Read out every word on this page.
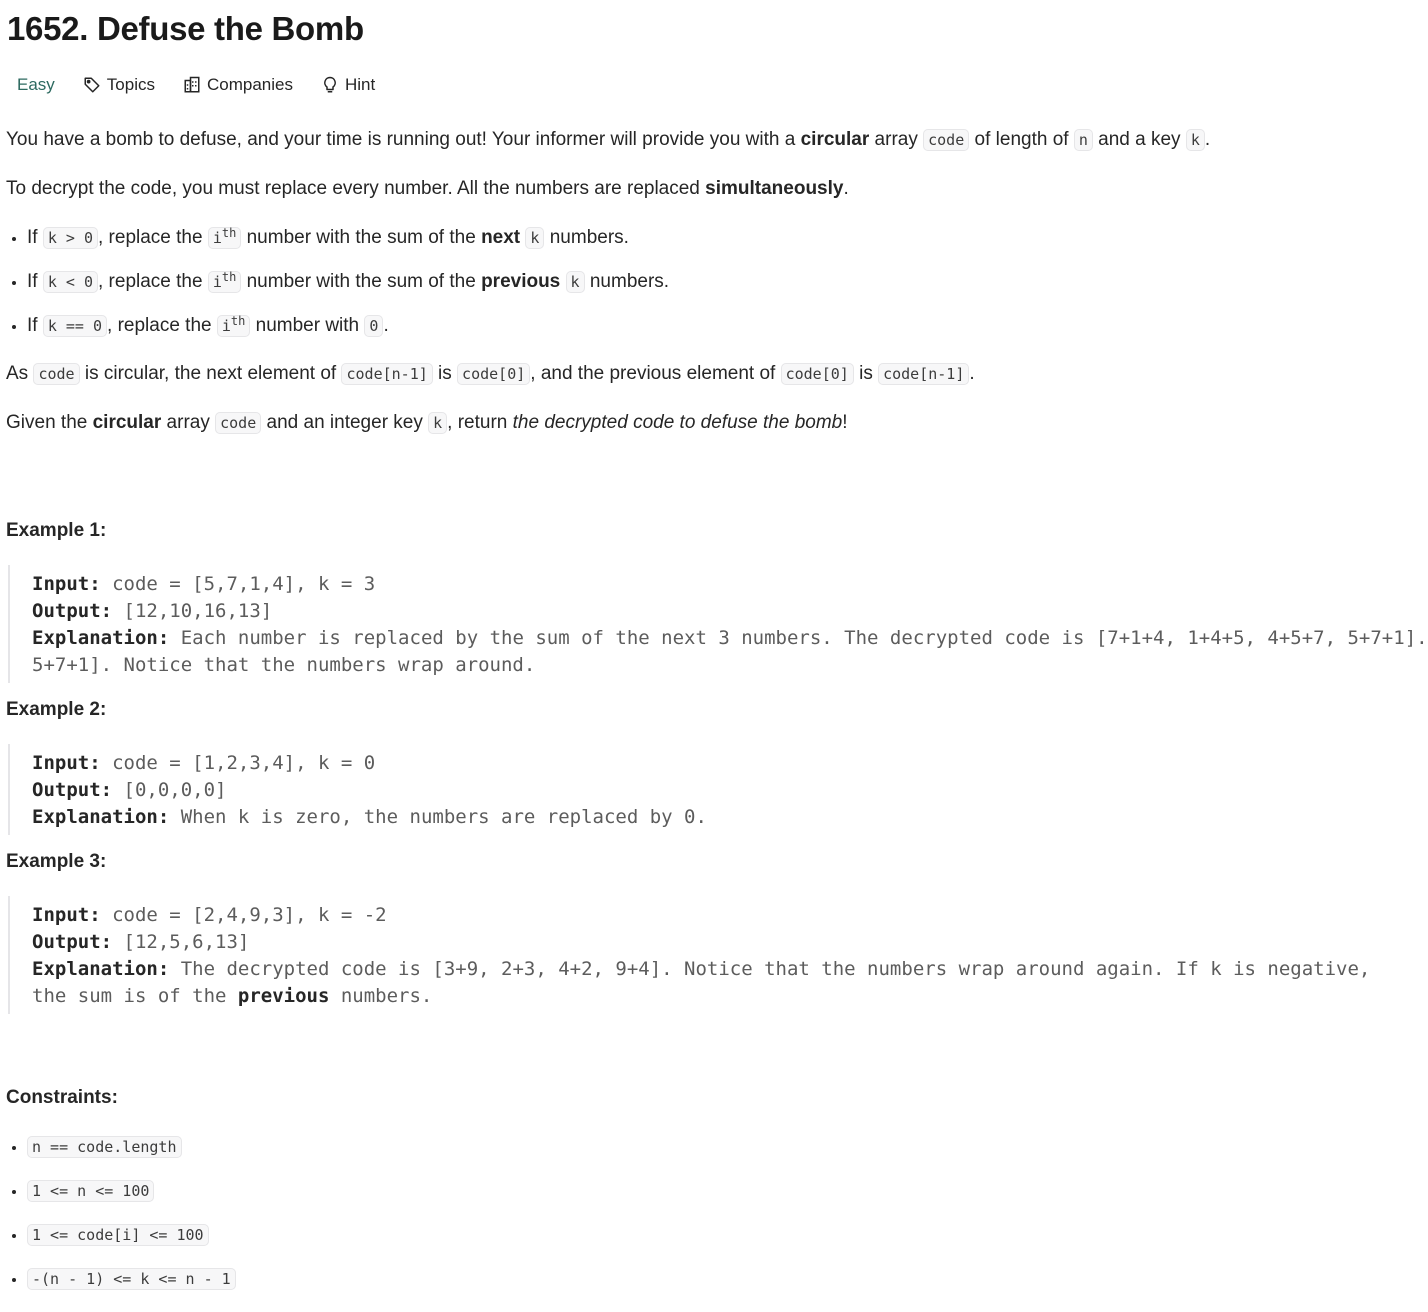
1652. Defuse the Bomb
Easy	Topics	Companies	Hint

You have a bomb to defuse, and your time is running out! Your informer will provide you with a circular array code of length of n and a key k .

To decrypt the code, you must replace every number. All the numbers are replaced simultaneously.

• If k > 0 , replace the $i^{th}$ number with the sum of the next k numbers.
• If k < 0 , replace the $i^{th}$ number with the sum of the previous k numbers.
• If k == 0 , replace the $i^{th}$ number with 0 .

As code is circular, the next element of code[n-1] is code[0] , and the previous element of code[0] is code[n-1] .

Given the circular array code and an integer key k , return the decrypted code to defuse the bomb!

Example 1:

Input: code = [5,7,1,4], k = 3
Output: [12,10,16,13]
Explanation: Each number is replaced by the sum of the next 3 numbers. The decrypted code is [7+1+4, 1+4+5, 4+5+7, 5+7+1].
5+7+1]. Notice that the numbers wrap around.

Example 2:

Input: code = [1,2,3,4], k = 0
Output: [0,0,0,0]
Explanation: When k is zero, the numbers are replaced by 0.

Example 3:

Input: code = [2,4,9,3], k = -2
Output: [12,5,6,13]
Explanation: The decrypted code is [3+9, 2+3, 4+2, 9+4]. Notice that the numbers wrap around again. If k is negative,
the sum is of the previous numbers.

Constraints:

• n == code.length
• 1 <= n <= 100
• 1 <= code[i] <= 100
• -(n - 1) <= k <= n - 1
